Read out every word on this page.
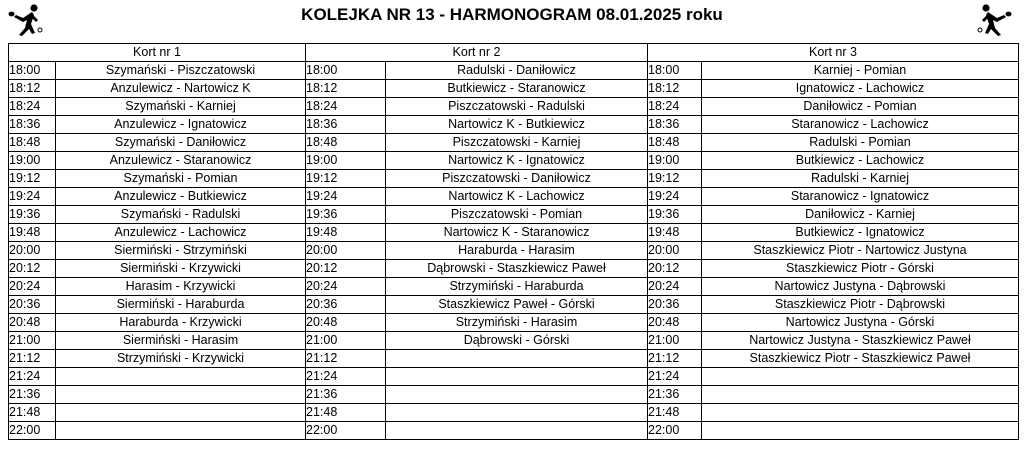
KOLEJKA NR 13 - HARMONOGRAM 08.01.2025 roku
Kort nr 1		Kort nr 2		Kort nr 3	
18:00	Szymański - Piszczatowski	18:00	Radulski - Daniłowicz	18:00	Karniej - Pomian
18:12	Anzulewicz - Nartowicz K	18:12	Butkiewicz - Staranowicz	18:12	Ignatowicz - Lachowicz
18:24	Szymański - Karniej	18:24	Piszczatowski - Radulski	18:24	Daniłowicz - Pomian
18:36	Anzulewicz - Ignatowicz	18:36	Nartowicz K - Butkiewicz	18:36	Staranowicz - Lachowicz
18:48	Szymański - Daniłowicz	18:48	Piszczatowski - Karniej	18:48	Radulski - Pomian
19:00	Anzulewicz - Staranowicz	19:00	Nartowicz K - Ignatowicz	19:00	Butkiewicz - Lachowicz
19:12	Szymański - Pomian	19:12	Piszczatowski - Daniłowicz	19:12	Radulski - Karniej
19:24	Anzulewicz - Butkiewicz	19:24	Nartowicz K - Lachowicz	19:24	Staranowicz - Ignatowicz
19:36	Szymański - Radulski	19:36	Piszczatowski - Pomian	19:36	Daniłowicz - Karniej
19:48	Anzulewicz - Lachowicz	19:48	Nartowicz K - Staranowicz	19:48	Butkiewicz - Ignatowicz
20:00	Siermiński - Strzymiński	20:00	Haraburda - Harasim	20:00	Staszkiewicz Piotr - Nartowicz Justyna
20:12	Siermiński - Krzywicki	20:12	Dąbrowski - Staszkiewicz Paweł	20:12	Staszkiewicz Piotr - Górski
20:24	Harasim - Krzywicki	20:24	Strzymiński - Haraburda	20:24	Nartowicz Justyna - Dąbrowski
20:36	Siermiński - Haraburda	20:36	Staszkiewicz Paweł - Górski	20:36	Staszkiewicz Piotr - Dąbrowski
20:48	Haraburda - Krzywicki	20:48	Strzymiński - Harasim	20:48	Nartowicz Justyna - Górski
21:00	Siermiński - Harasim	21:00	Dąbrowski - Górski	21:00	Nartowicz Justyna - Staszkiewicz Paweł
21:12	Strzymiński - Krzywicki	21:12		21:12	Staszkiewicz Piotr - Staszkiewicz Paweł
21:24		21:24		21:24	
21:36		21:36		21:36	
21:48		21:48		21:48	
22:00		22:00		22:00	
